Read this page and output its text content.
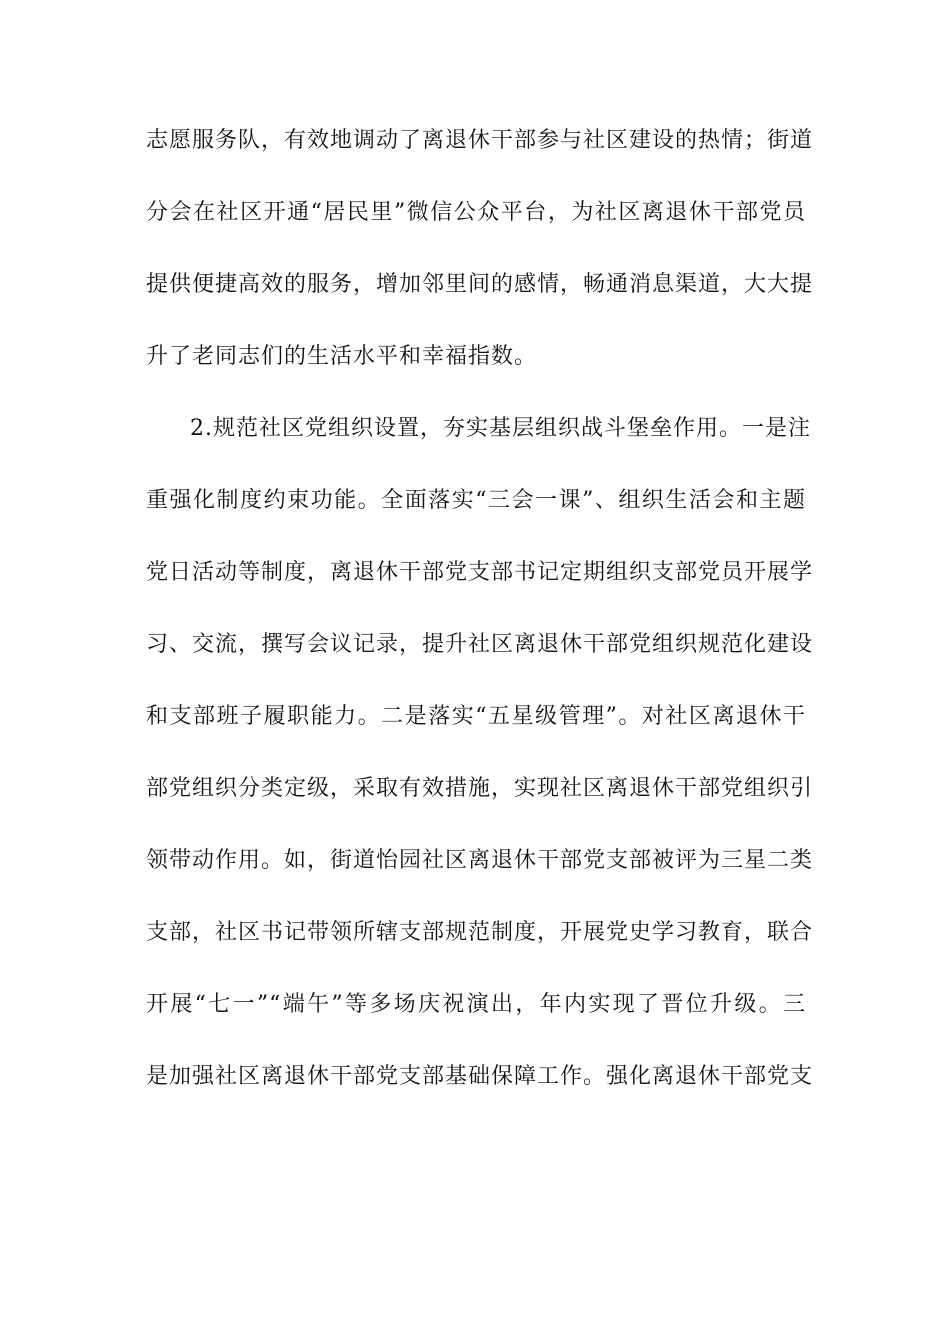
志愿服务队，有效地调动了离退休干部参与社区建设的热情；街道
分会在社区开通“居民里”微信公众平台，为社区离退休干部党员
提供便捷高效的服务，增加邻里间的感情，畅通消息渠道，大大提
升了老同志们的生活水平和幸福指数。
2.规范社区党组织设置，夯实基层组织战斗堡垒作用。一是注
重强化制度约束功能。全面落实“三会一课”、组织生活会和主题
党日活动等制度，离退休干部党支部书记定期组织支部党员开展学
习、交流，撰写会议记录，提升社区离退休干部党组织规范化建设
和支部班子履职能力。二是落实“五星级管理”。对社区离退休干
部党组织分类定级，采取有效措施，实现社区离退休干部党组织引
领带动作用。如，街道怡园社区离退休干部党支部被评为三星二类
支部，社区书记带领所辖支部规范制度，开展党史学习教育，联合
开展“七一”“端午”等多场庆祝演出，年内实现了晋位升级。三
是加强社区离退休干部党支部基础保障工作。强化离退休干部党支
